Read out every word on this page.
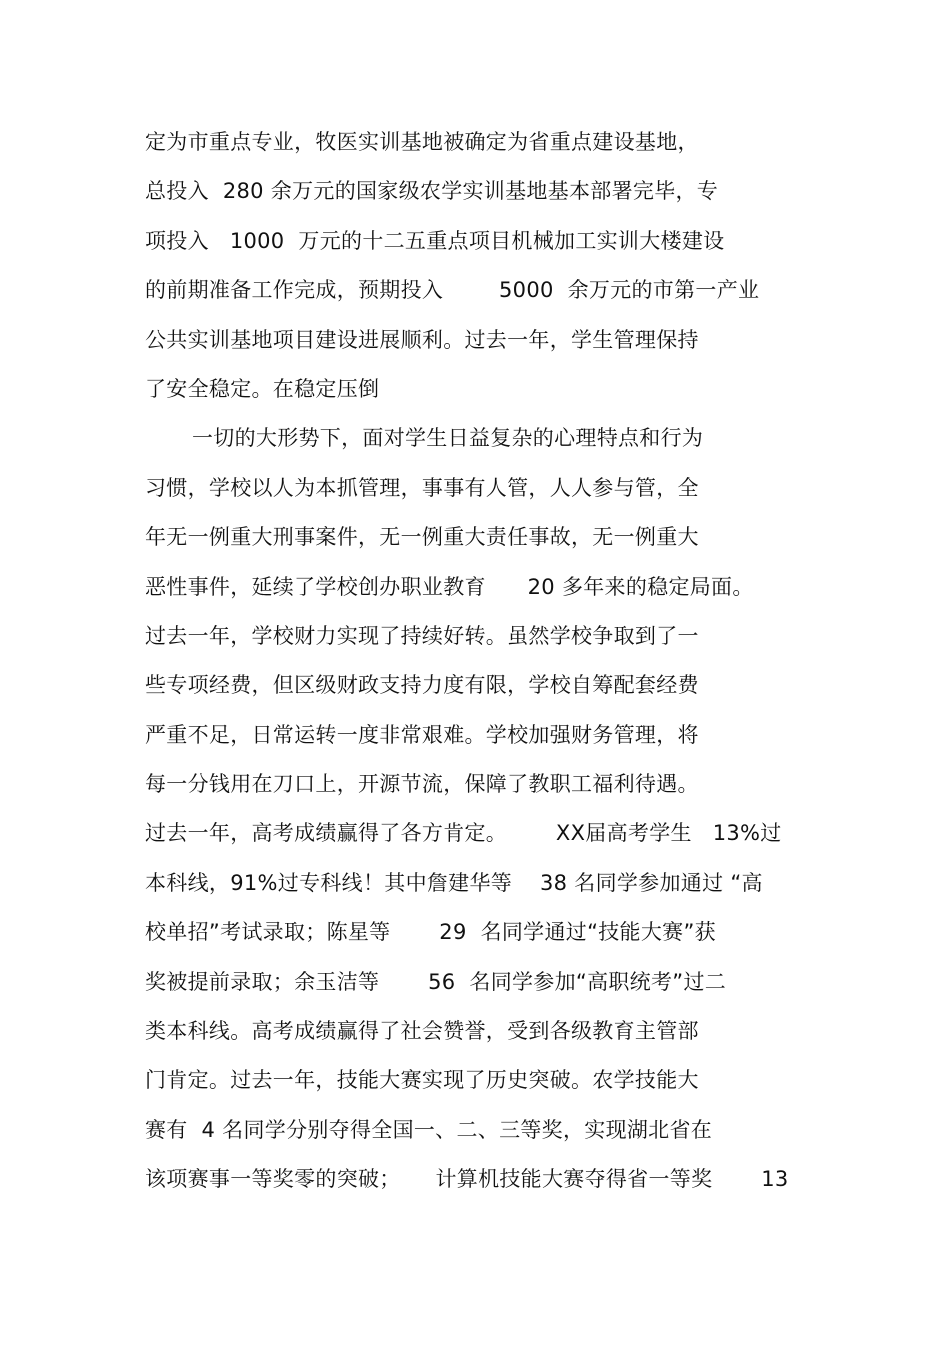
定为市重点专业，牧医实训基地被确定为省重点建设基地，
总投入  280 余万元的国家级农学实训基地基本部署完毕，专
项投入   1000  万元的十二五重点项目机械加工实训大楼建设
的前期准备工作完成，预期投入        5000  余万元的市第一产业
公共实训基地项目建设进展顺利。过去一年，学生管理保持
了安全稳定。在稳定压倒
一切的大形势下，面对学生日益复杂的心理特点和行为
习惯，学校以人为本抓管理，事事有人管，人人参与管，全
年无一例重大刑事案件，无一例重大责任事故，无一例重大
恶性事件，延续了学校创办职业教育      20 多年来的稳定局面。
过去一年，学校财力实现了持续好转。虽然学校争取到了一
些专项经费，但区级财政支持力度有限，学校自筹配套经费
严重不足，日常运转一度非常艰难。学校加强财务管理，将
每一分钱用在刀口上，开源节流，保障了教职工福利待遇。
过去一年，高考成绩赢得了各方肯定。       XX届高考学生   13%过
本科线，91%过专科线！其中詹建华等    38 名同学参加通过 “高
校单招”考试录取；陈星等       29  名同学通过“技能大赛”获
奖被提前录取；余玉洁等       56  名同学参加“高职统考”过二
类本科线。高考成绩赢得了社会赞誉，受到各级教育主管部
门肯定。过去一年，技能大赛实现了历史突破。农学技能大
赛有  4 名同学分别夺得全国一、二、三等奖，实现湖北省在
该项赛事一等奖零的突破；     计算机技能大赛夺得省一等奖       13
